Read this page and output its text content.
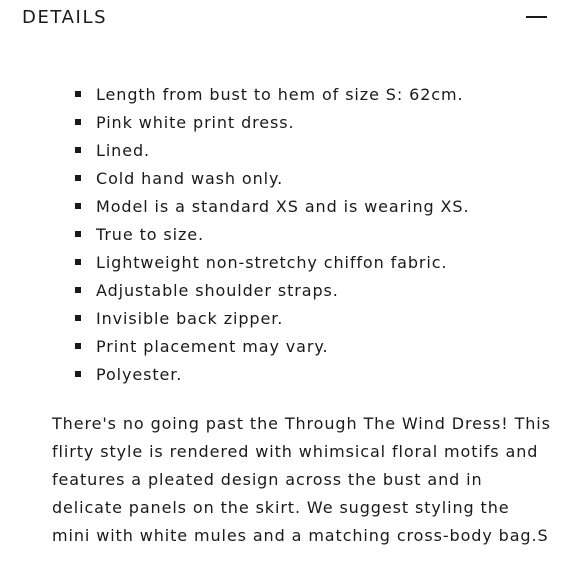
DETAILS
Length from bust to hem of size S: 62cm.
Pink white print dress.
Lined.
Cold hand wash only.
Model is a standard XS and is wearing XS.
True to size.
Lightweight non-stretchy chiffon fabric.
Adjustable shoulder straps.
Invisible back zipper.
Print placement may vary.
Polyester.

There's no going past the Through The Wind Dress! This flirty style is rendered with whimsical floral motifs and features a pleated design across the bust and in delicate panels on the skirt. We suggest styling the mini with white mules and a matching cross-body bag.S
